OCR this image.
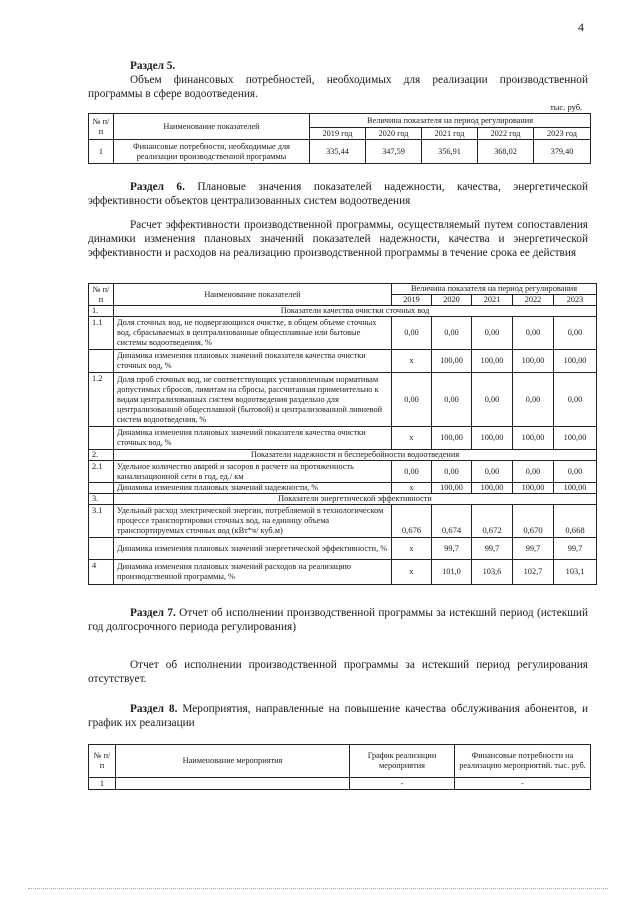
4

Раздел 5.

Объем финансовых потребностей, необходимых для реализации производственной программы в сфере водоотведения.

тыс. руб.
№ п/п	Наименование показателей	Величина показателя на период регулирования				
		2019 год	2020 год	2021 год	2022 год	2023 год
1	Финансовые потребности, необходимые для реализации производственной программы	335,44	347,59	356,91	368,02	379,40

Раздел 6. Плановые значения показателей надежности, качества, энергетической эффективности объектов централизованных систем водоотведения

Расчет эффективности производственной программы, осуществляемый путем сопоставления динамики изменения плановых значений показателей надежности, качества и энергетической эффективности и расходов на реализацию производственной программы в течение срока ее действия

№ п/п	Наименование показателей	Величина показателя на период регулирования				
		2019	2020	2021	2022	2023
1.	Показатели качества очистки сточных вод					
1.1	Доля сточных вод, не подвергающихся очистке, в общем объеме сточных вод, сбрасываемых в централизованные общесплавные или бытовые системы водоотведения, %	0,00	0,00	0,00	0,00	0,00
	Динамика изменения плановых значений показателя качества очистки сточных вод, %	x	100,00	100,00	100,00	100,00
1.2	Доля проб сточных вод, не соответствующих установленным нормативам допустимых сбросов, лимитам на сбросы, рассчитанная применительно к видам централизованных систем водоотведения раздельно для централизованной общесплавной (бытовой) и централизованной ливневой систем водоотведения, %	0,00	0,00	0,00	0,00	0,00
	Динамика изменения плановых значений показателя качества очистки сточных вод, %	x	100,00	100,00	100,00	100,00
2.	Показатели надежности и бесперебойности водоотведения					
2.1	Удельное количество аварий и засоров в расчете на протяженность канализационной сети в год, ед./ км	0,00	0,00	0,00	0,00	0,00
	Динамика изменения плановых значений надежности, %	x	100,00	100,00	100,00	100,00
3.	Показатели энергетической эффективности					
3.1	Удельный расход электрической энергии, потребляемой в технологическом процессе транспортировки сточных вод, на единицу объема транспортируемых сточных вод (кВт*ч/ куб.м)	0,676	0,674	0,672	0,670	0,668
	Динамика изменения плановых значений энергетической эффективности, %	x	99,7	99,7	99,7	99,7
4	Динамика изменения плановых значений расходов на реализацию производственной программы, %	x	101,0	103,6	102,7	103,1

Раздел 7. Отчет об исполнении производственной программы за истекший период (истекший год долгосрочного периода регулирования)

Отчет об исполнении производственной программы за истекший период регулирования отсутствует.

Раздел 8. Мероприятия, направленные на повышение качества обслуживания абонентов, и график их реализации

№ п/п	Наименование мероприятия	График реализации мероприятия	Финансовые потребности на реализацию мероприятий. тыс. руб.
1		-	-
